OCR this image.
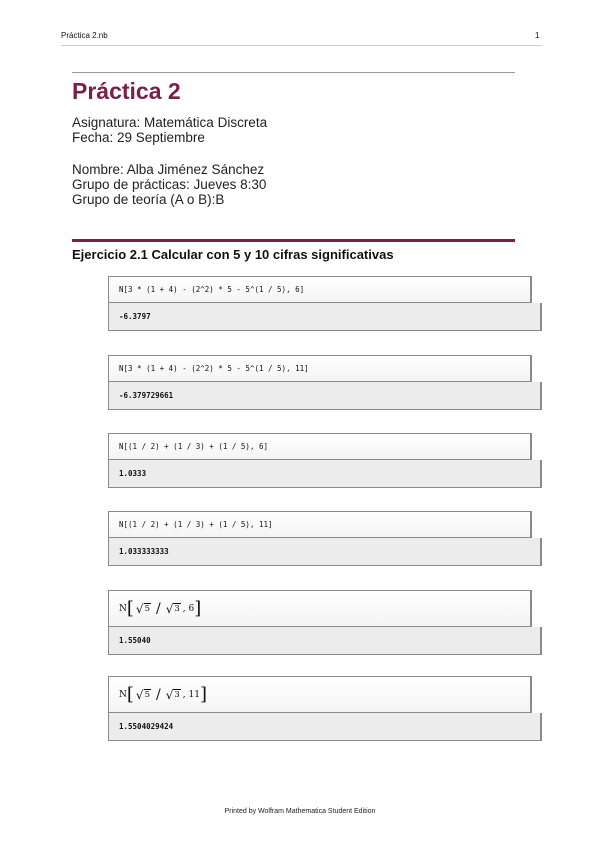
Práctica 2.nb	1
Práctica 2
Asignatura: Matemática Discreta
Fecha: 29 Septiembre
Nombre: Alba Jiménez Sánchez
Grupo de prácticas: Jueves 8:30
Grupo de teoría (A o B):B
Ejercicio 2.1 Calcular con 5 y 10 cifras significativas
N[3 * (1 + 4) - (2^2) * 5 - 5^(1 / 5), 6]
-6.3797
N[3 * (1 + 4) - (2^2) * 5 - 5^(1 / 5), 11]
-6.379729661
N[(1 / 2) + (1 / 3) + (1 / 5), 6]
1.0333
N[(1 / 2) + (1 / 3) + (1 / 5), 11]
1.033333333
N [ √ 5 / √ 3 , 6 ]
1.55040
N [ √ 5 / √ 3 , 11 ]
1.5504029424
Printed by Wolfram Mathematica Student Edition
